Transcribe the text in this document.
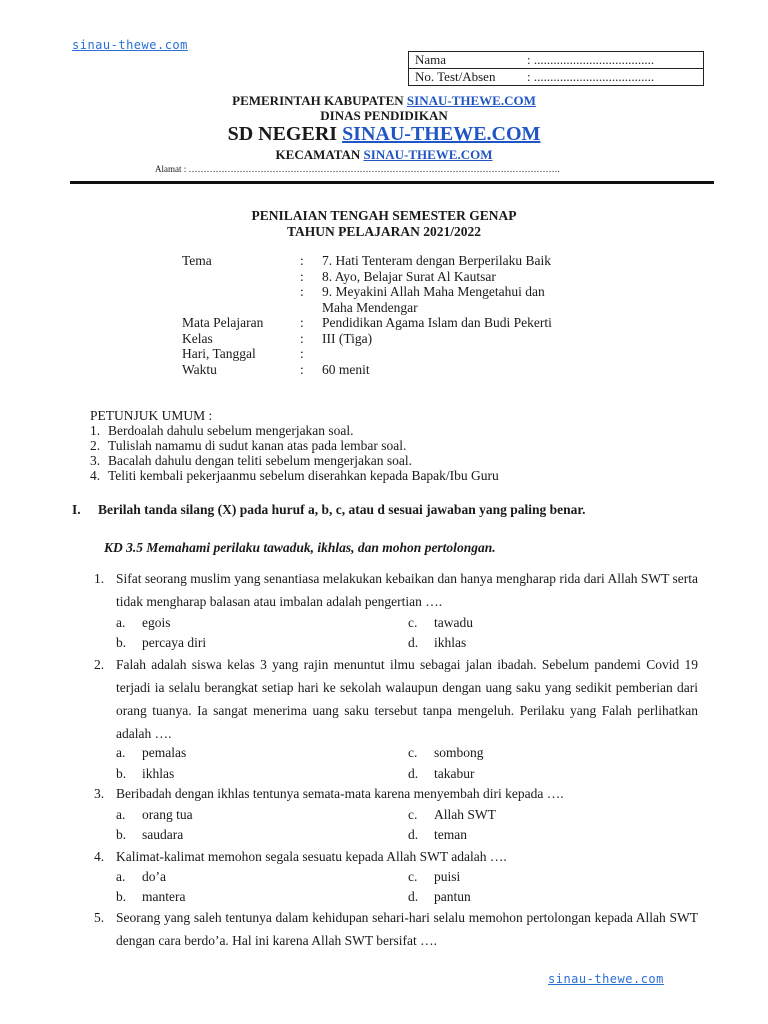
sinau-thewe.com
Nama	: .....................................
No. Test/Absen	: .....................................
PEMERINTAH KABUPATEN SINAU-THEWE.COM
DINAS PENDIDIKAN
SD NEGERI SINAU-THEWE.COM
KECAMATAN SINAU-THEWE.COM
Alamat : …………………………………………………………………………………………………………….
PENILAIAN TENGAH SEMESTER GENAP
TAHUN PELAJARAN 2021/2022
Tema	:	7. Hati Tenteram dengan Berperilaku Baik
:	8. Ayo, Belajar Surat Al Kautsar
:	9. Meyakini Allah Maha Mengetahui dan
Maha Mendengar
Mata Pelajaran	:	Pendidikan Agama Islam dan Budi Pekerti
Kelas	:	III (Tiga)
Hari, Tanggal	:
Waktu	:	60 menit
PETUNJUK UMUM :
1. Berdoalah dahulu sebelum mengerjakan soal.
2. Tulislah namamu di sudut kanan atas pada lembar soal.
3. Bacalah dahulu dengan teliti sebelum mengerjakan soal.
4. Teliti kembali pekerjaanmu sebelum diserahkan kepada Bapak/Ibu Guru
I.	Berilah tanda silang (X) pada huruf a, b, c, atau d sesuai jawaban yang paling benar.
KD 3.5 Memahami perilaku tawaduk, ikhlas, dan mohon pertolongan.
1. Sifat seorang muslim yang senantiasa melakukan kebaikan dan hanya mengharap rida dari Allah SWT serta tidak mengharap balasan atau imbalan adalah pengertian ….
a.	egois	c.	tawadu
b.	percaya diri	d.	ikhlas
2. Falah adalah siswa kelas 3 yang rajin menuntut ilmu sebagai jalan ibadah. Sebelum pandemi Covid 19 terjadi ia selalu berangkat setiap hari ke sekolah walaupun dengan uang saku yang sedikit pemberian dari orang tuanya. Ia sangat menerima uang saku tersebut tanpa mengeluh. Perilaku yang Falah perlihatkan adalah ….
a.	pemalas	c.	sombong
b.	ikhlas	d.	takabur
3. Beribadah dengan ikhlas tentunya semata-mata karena menyembah diri kepada ….
a.	orang tua	c.	Allah SWT
b.	saudara	d.	teman
4. Kalimat-kalimat memohon segala sesuatu kepada Allah SWT adalah ….
a.	do’a	c.	puisi
b.	mantera	d.	pantun
5. Seorang yang saleh tentunya dalam kehidupan sehari-hari selalu memohon pertolongan kepada Allah SWT dengan cara berdo’a. Hal ini karena Allah SWT bersifat ….
sinau-thewe.com
